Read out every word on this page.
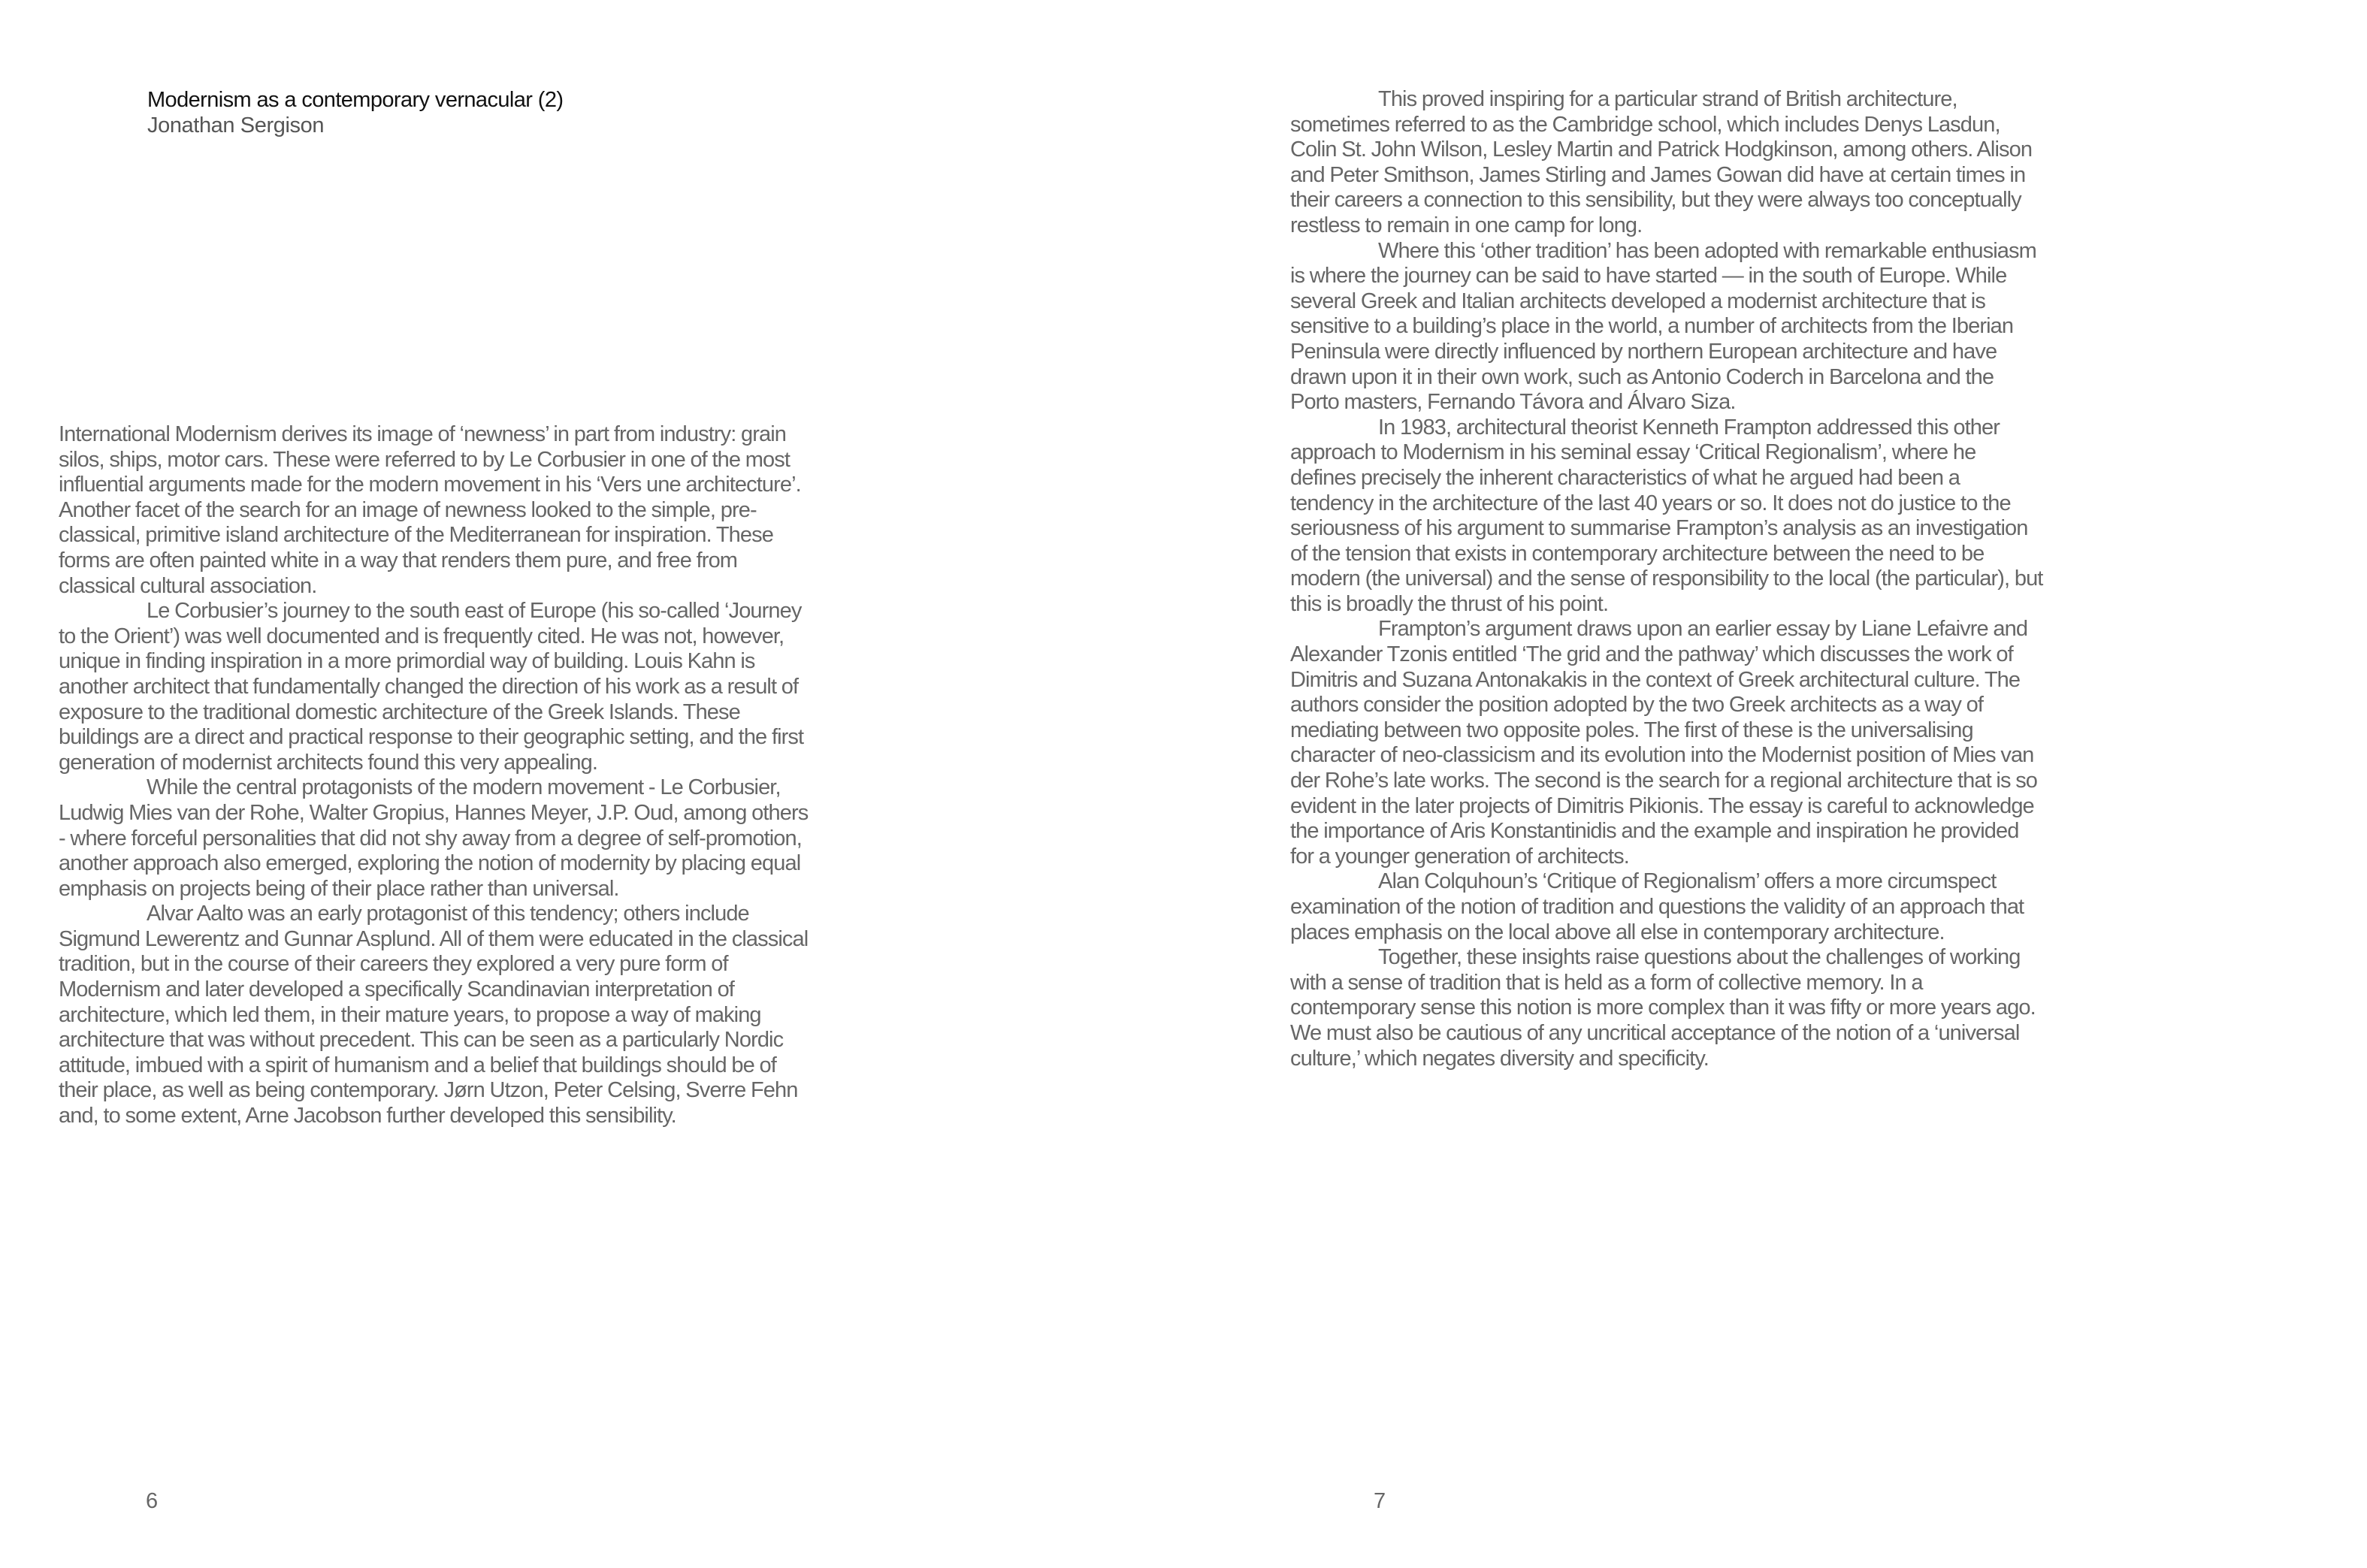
Modernism as a contemporary vernacular (2)
Jonathan Sergison

International Modernism derives its image of ‘newness’ in part from industry: grain silos, ships, motor cars. These were referred to by Le Corbusier in one of the most influential arguments made for the modern movement in his ‘Vers une architecture’. Another facet of the search for an image of newness looked to the simple, pre-classical, primitive island architecture of the Mediterranean for inspiration. These forms are often painted white in a way that renders them pure, and free from classical cultural association.

Le Corbusier’s journey to the south east of Europe (his so-called ‘Journey to the Orient’) was well documented and is frequently cited. He was not, however, unique in finding inspiration in a more primordial way of building. Louis Kahn is another architect that fundamentally changed the direction of his work as a result of exposure to the traditional domestic architecture of the Greek Islands. These buildings are a direct and practical response to their geographic setting, and the first generation of modernist architects found this very appealing.

While the central protagonists of the modern movement - Le Corbusier, Ludwig Mies van der Rohe, Walter Gropius, Hannes Meyer, J.P. Oud, among others - where forceful personalities that did not shy away from a degree of self-promotion, another approach also emerged, exploring the notion of modernity by placing equal emphasis on projects being of their place rather than universal.

Alvar Aalto was an early protagonist of this tendency; others include Sigmund Lewerentz and Gunnar Asplund. All of them were educated in the classical tradition, but in the course of their careers they explored a very pure form of Modernism and later developed a specifically Scandinavian interpretation of architecture, which led them, in their mature years, to propose a way of making architecture that was without precedent. This can be seen as a particularly Nordic attitude, imbued with a spirit of humanism and a belief that buildings should be of their place, as well as being contemporary. Jørn Utzon, Peter Celsing, Sverre Fehn and, to some extent, Arne Jacobson further developed this sensibility.

6

This proved inspiring for a particular strand of British architecture, sometimes referred to as the Cambridge school, which includes Denys Lasdun, Colin St. John Wilson, Lesley Martin and Patrick Hodgkinson, among others. Alison and Peter Smithson, James Stirling and James Gowan did have at certain times in their careers a connection to this sensibility, but they were always too conceptually restless to remain in one camp for long.

Where this ‘other tradition’ has been adopted with remarkable enthusiasm is where the journey can be said to have started — in the south of Europe. While several Greek and Italian architects developed a modernist architecture that is sensitive to a building’s place in the world, a number of architects from the Iberian Peninsula were directly influenced by northern European architecture and have drawn upon it in their own work, such as Antonio Coderch in Barcelona and the Porto masters, Fernando Távora and Álvaro Siza.

In 1983, architectural theorist Kenneth Frampton addressed this other approach to Modernism in his seminal essay ‘Critical Regionalism’, where he defines precisely the inherent characteristics of what he argued had been a tendency in the architecture of the last 40 years or so. It does not do justice to the seriousness of his argument to summarise Frampton’s analysis as an investigation of the tension that exists in contemporary architecture between the need to be modern (the universal) and the sense of responsibility to the local (the particular), but this is broadly the thrust of his point.

Frampton’s argument draws upon an earlier essay by Liane Lefaivre and Alexander Tzonis entitled ‘The grid and the pathway’ which discusses the work of Dimitris and Suzana Antonakakis in the context of Greek architectural culture. The authors consider the position adopted by the two Greek architects as a way of mediating between two opposite poles. The first of these is the universalising character of neo-classicism and its evolution into the Modernist position of Mies van der Rohe’s late works. The second is the search for a regional architecture that is so evident in the later projects of Dimitris Pikionis. The essay is careful to acknowledge the importance of Aris Konstantinidis and the example and inspiration he provided for a younger generation of architects.

Alan Colquhoun’s ‘Critique of Regionalism’ offers a more circumspect examination of the notion of tradition and questions the validity of an approach that places emphasis on the local above all else in contemporary architecture.

Together, these insights raise questions about the challenges of working with a sense of tradition that is held as a form of collective memory. In a contemporary sense this notion is more complex than it was fifty or more years ago. We must also be cautious of any uncritical acceptance of the notion of a ‘universal culture,’ which negates diversity and specificity.

7
